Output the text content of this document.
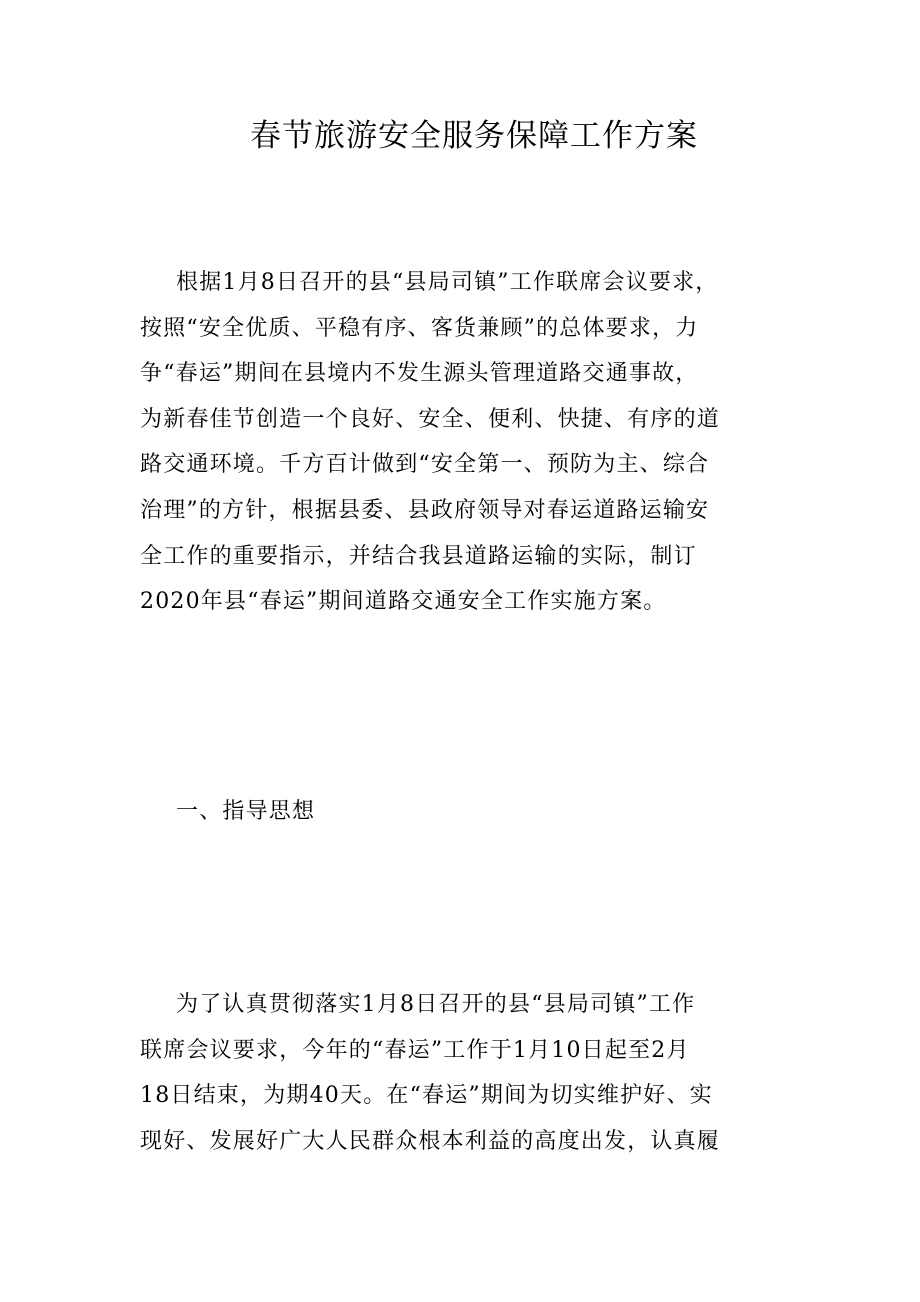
春节旅游安全服务保障工作方案
根据1月8日召开的县“县局司镇”工作联席会议要求，
按照“安全优质、平稳有序、客货兼顾”的总体要求，力
争“春运”期间在县境内不发生源头管理道路交通事故，
为新春佳节创造一个良好、安全、便利、快捷、有序的道
路交通环境。千方百计做到“安全第一、预防为主、综合
治理”的方针，根据县委、县政府领导对春运道路运输安
全工作的重要指示，并结合我县道路运输的实际，制订
2020年县“春运”期间道路交通安全工作实施方案。
一、指导思想
为了认真贯彻落实1月8日召开的县“县局司镇”工作
联席会议要求，今年的“春运”工作于1月10日起至2月
18日结束，为期40天。在“春运”期间为切实维护好、实
现好、发展好广大人民群众根本利益的高度出发，认真履
